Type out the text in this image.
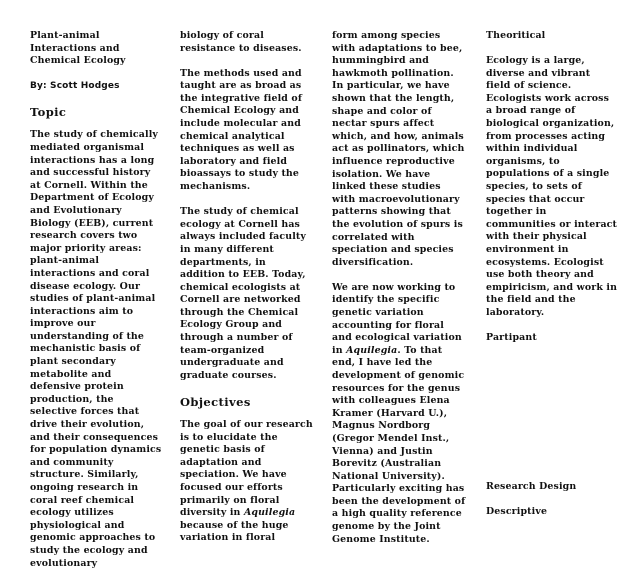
Plant-animal Interactions and Chemical Ecology

By: Scott Hodges

Topic

The study of chemically mediated organismal interactions has a long and successful history at Cornell. Within the Department of Ecology and Evolutionary Biology (EEB), current research covers two major priority areas: plant-animal interactions and coral disease ecology. Our studies of plant-animal interactions aim to improve our understanding of the mechanistic basis of plant secondary metabolite and defensive protein production, the selective forces that drive their evolution, and their consequences for population dynamics and community structure. Similarly, ongoing research in coral reef chemical ecology utilizes physiological and genomic approaches to study the ecology and evolutionary

biology of coral resistance to diseases.

The methods used and taught are as broad as the integrative field of Chemical Ecology and include molecular and chemical analytical techniques as well as laboratory and field bioassays to study the mechanisms.

The study of chemical ecology at Cornell has always included faculty in many different departments, in addition to EEB. Today, chemical ecologists at Cornell are networked through the Chemical Ecology Group and through a number of team-organized undergraduate and graduate courses.

Objectives

The goal of our research is to elucidate the genetic basis of adaptation and speciation. We have focused our efforts primarily on floral diversity in Aquilegia because of the huge variation in floral

form among species with adaptations to bee, hummingbird and hawkmoth pollination. In particular, we have shown that the length, shape and color of nectar spurs affect which, and how, animals act as pollinators, which influence reproductive isolation. We have linked these studies with macroevolutionary patterns showing that the evolution of spurs is correlated with speciation and species diversification.

We are now working to identify the specific genetic variation accounting for floral and ecological variation in Aquilegia. To that end, I have led the development of genomic resources for the genus with colleagues Elena Kramer (Harvard U.), Magnus Nordborg (Gregor Mendel Inst., Vienna) and Justin Borevitz (Australian National University). Particularly exciting has been the development of a high quality reference genome by the Joint Genome Institute.

Theoritical

Ecology is a large, diverse and vibrant field of science. Ecologists work across a broad range of biological organization, from processes acting within individual organisms, to populations of a single species, to sets of species that occur together in communities or interact with their physical environment in ecosystems. Ecologist use both theory and empiricism, and work in the field and the laboratory.

Partipant

Research Design

Descriptive
